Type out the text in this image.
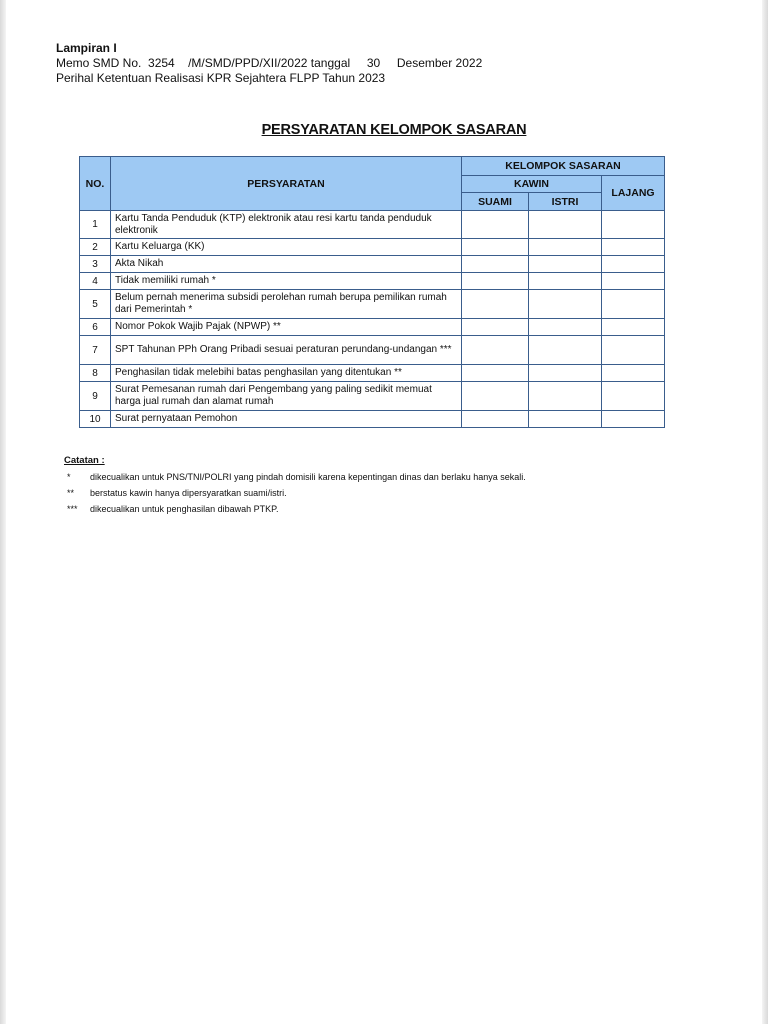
Lampiran I
Memo SMD No. 3254 /M/SMD/PPD/XII/2022 tanggal 30 Desember 2022
Perihal Ketentuan Realisasi KPR Sejahtera FLPP Tahun 2023
PERSYARATAN KELOMPOK SASARAN
NO.	PERSYARATAN	KELOMPOK SASARAN		
		KAWIN		LAJANG
		SUAMI	ISTRI	
1	Kartu Tanda Penduduk (KTP) elektronik atau resi kartu tanda penduduk elektronik			
2	Kartu Keluarga (KK)			
3	Akta Nikah			
4	Tidak memiliki rumah *			
5	Belum pernah menerima subsidi perolehan rumah berupa pemilikan rumah dari Pemerintah *			
6	Nomor Pokok Wajib Pajak (NPWP) **			
7	SPT Tahunan PPh Orang Pribadi sesuai peraturan perundang-undangan ***			
8	Penghasilan tidak melebihi batas penghasilan yang ditentukan **			
9	Surat Pemesanan rumah dari Pengembang yang paling sedikit memuat harga jual rumah dan alamat rumah			
10	Surat pernyataan Pemohon			
Catatan :
*	dikecualikan untuk PNS/TNI/POLRI yang pindah domisili karena kepentingan dinas dan berlaku hanya sekali.
**	berstatus kawin hanya dipersyaratkan suami/istri.
***	dikecualikan untuk penghasilan dibawah PTKP.
